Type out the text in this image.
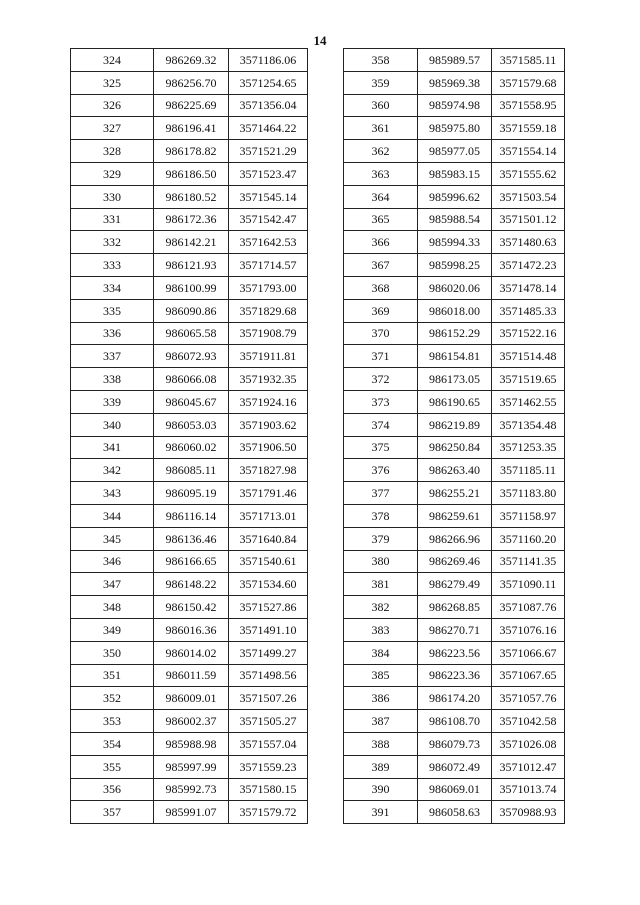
14
324	986269.32	3571186.06
325	986256.70	3571254.65
326	986225.69	3571356.04
327	986196.41	3571464.22
328	986178.82	3571521.29
329	986186.50	3571523.47
330	986180.52	3571545.14
331	986172.36	3571542.47
332	986142.21	3571642.53
333	986121.93	3571714.57
334	986100.99	3571793.00
335	986090.86	3571829.68
336	986065.58	3571908.79
337	986072.93	3571911.81
338	986066.08	3571932.35
339	986045.67	3571924.16
340	986053.03	3571903.62
341	986060.02	3571906.50
342	986085.11	3571827.98
343	986095.19	3571791.46
344	986116.14	3571713.01
345	986136.46	3571640.84
346	986166.65	3571540.61
347	986148.22	3571534.60
348	986150.42	3571527.86
349	986016.36	3571491.10
350	986014.02	3571499.27
351	986011.59	3571498.56
352	986009.01	3571507.26
353	986002.37	3571505.27
354	985988.98	3571557.04
355	985997.99	3571559.23
356	985992.73	3571580.15
357	985991.07	3571579.72
358	985989.57	3571585.11
359	985969.38	3571579.68
360	985974.98	3571558.95
361	985975.80	3571559.18
362	985977.05	3571554.14
363	985983.15	3571555.62
364	985996.62	3571503.54
365	985988.54	3571501.12
366	985994.33	3571480.63
367	985998.25	3571472.23
368	986020.06	3571478.14
369	986018.00	3571485.33
370	986152.29	3571522.16
371	986154.81	3571514.48
372	986173.05	3571519.65
373	986190.65	3571462.55
374	986219.89	3571354.48
375	986250.84	3571253.35
376	986263.40	3571185.11
377	986255.21	3571183.80
378	986259.61	3571158.97
379	986266.96	3571160.20
380	986269.46	3571141.35
381	986279.49	3571090.11
382	986268.85	3571087.76
383	986270.71	3571076.16
384	986223.56	3571066.67
385	986223.36	3571067.65
386	986174.20	3571057.76
387	986108.70	3571042.58
388	986079.73	3571026.08
389	986072.49	3571012.47
390	986069.01	3571013.74
391	986058.63	3570988.93
